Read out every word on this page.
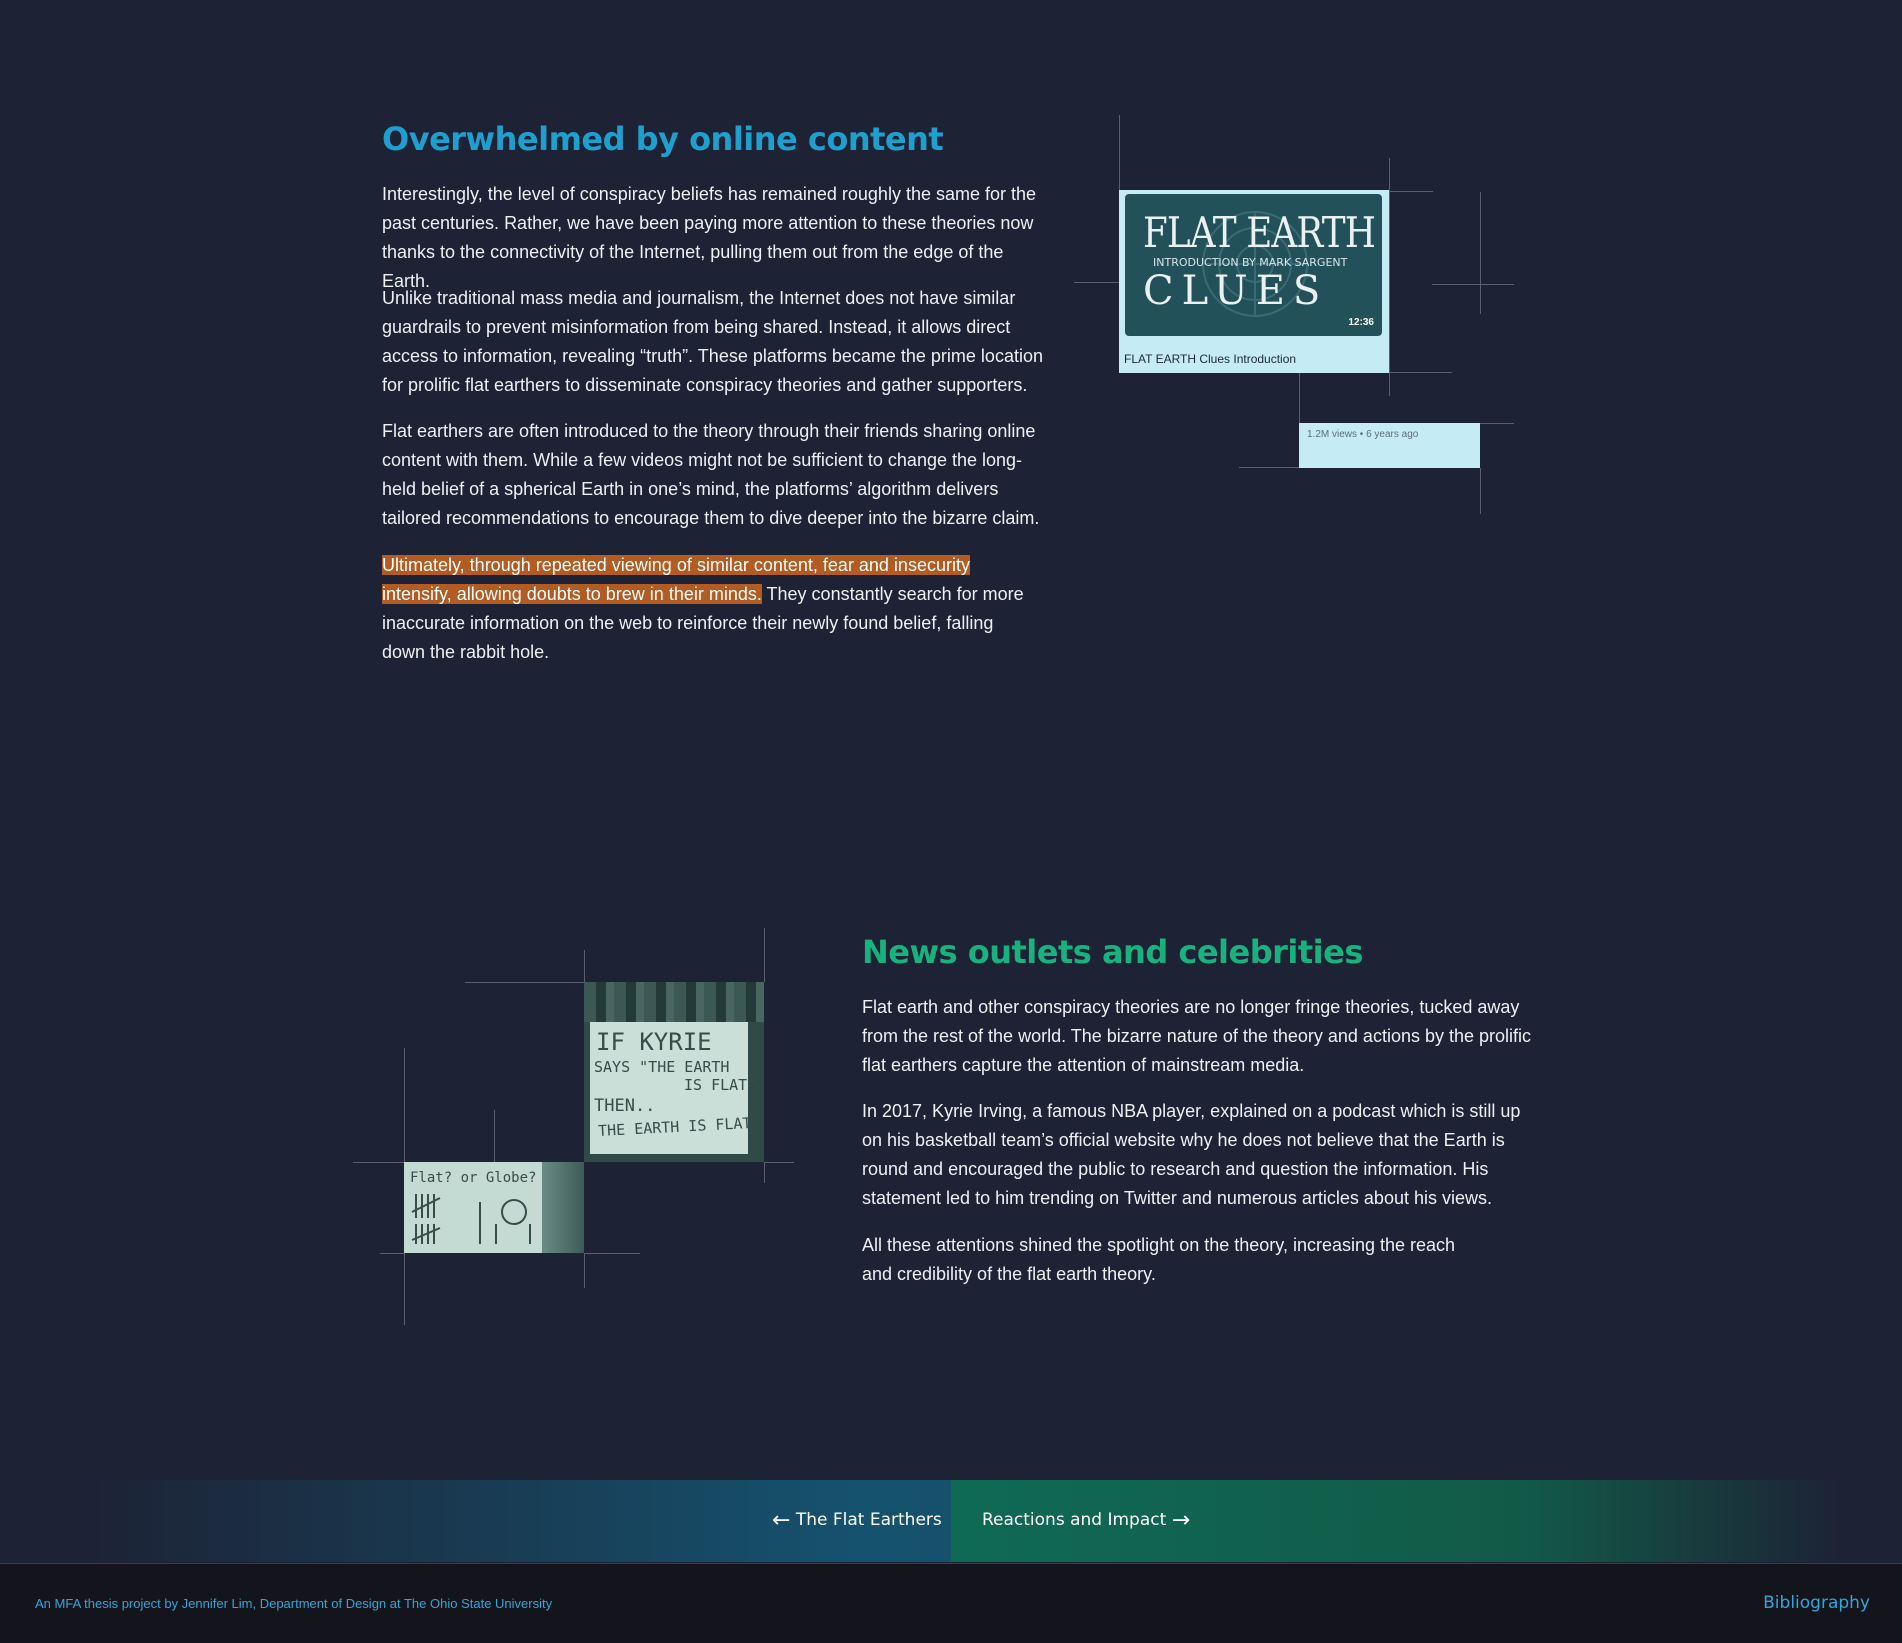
Overwhelmed by online content

Interestingly, the level of conspiracy beliefs has remained roughly the same for the past centuries. Rather, we have been paying more attention to these theories now thanks to the connectivity of the Internet, pulling them out from the edge of the Earth.

Unlike traditional mass media and journalism, the Internet does not have similar guardrails to prevent misinformation from being shared. Instead, it allows direct access to information, revealing “truth”. These platforms became the prime location for prolific flat earthers to disseminate conspiracy theories and gather supporters.

Flat earthers are often introduced to the theory through their friends sharing online content with them. While a few videos might not be sufficient to change the long-held belief of a spherical Earth in one’s mind, the platforms’ algorithm delivers tailored recommendations to encourage them to dive deeper into the bizarre claim.

Ultimately, through repeated viewing of similar content, fear and insecurity intensify, allowing doubts to brew in their minds. They constantly search for more inaccurate information on the web to reinforce their newly found belief, falling down the rabbit hole.

FLAT EARTH
INTRODUCTION BY MARK SARGENT
CLUES
12:36
FLAT EARTH Clues Introduction
1.2M views • 6 years ago
News outlets and celebrities

Flat earth and other conspiracy theories are no longer fringe theories, tucked away from the rest of the world. The bizarre nature of the theory and actions by the prolific flat earthers capture the attention of mainstream media.

In 2017, Kyrie Irving, a famous NBA player, explained on a podcast which is still up on his basketball team’s official website why he does not believe that the Earth is round and encouraged the public to research and question the information. His statement led to him trending on Twitter and numerous articles about his views.

All these attentions shined the spotlight on the theory, increasing the reach and credibility of the flat earth theory.

IF KYRIE
SAYS "THE EARTH
IS FLAT"
THEN..
THE EARTH IS FLAT
Flat? or Globe?
← The Flat Earthers Reactions and Impact →
An MFA thesis project by Jennifer Lim, Department of Design at The Ohio State University	Bibliography
